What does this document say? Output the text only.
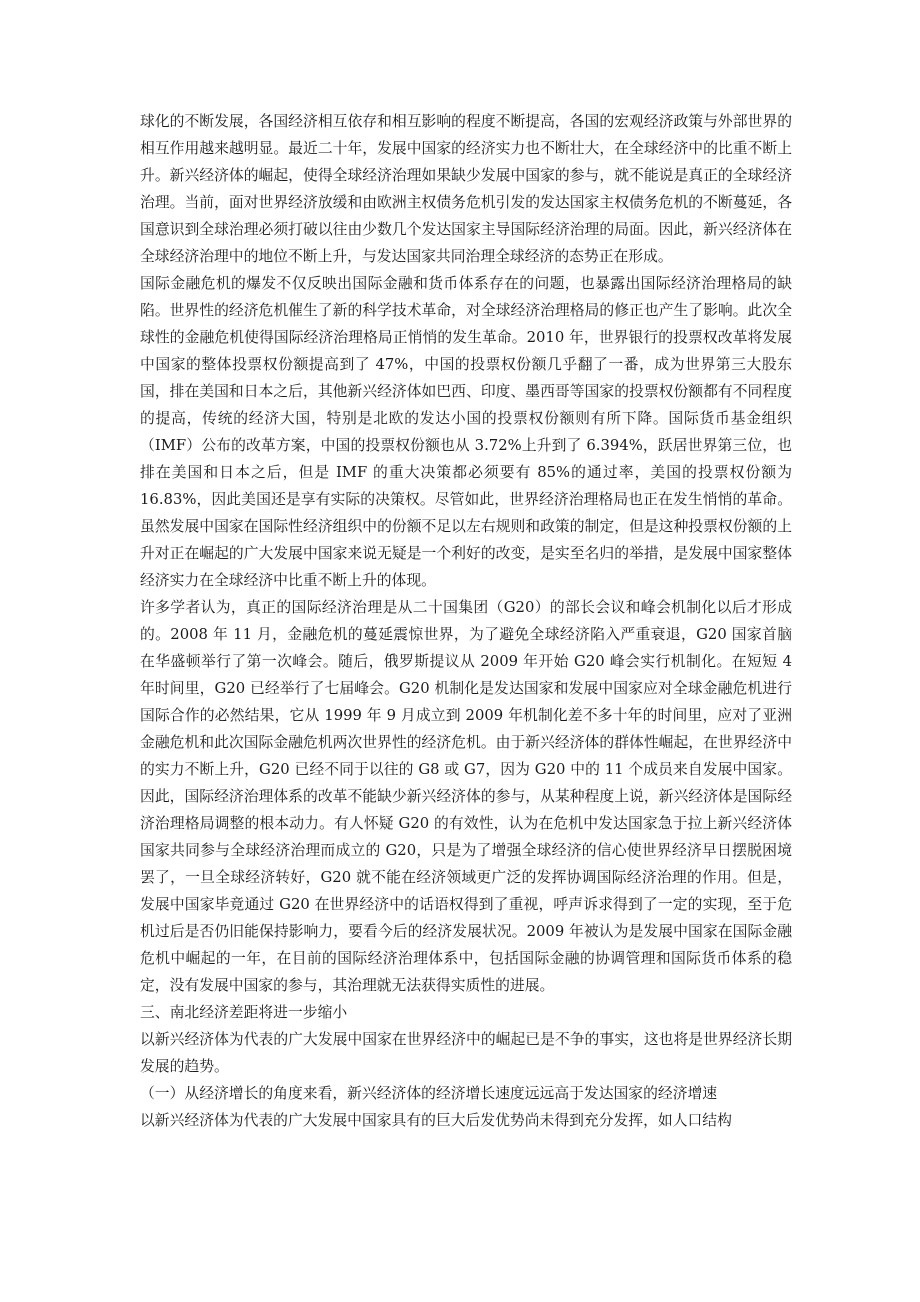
球化的不断发展，各国经济相互依存和相互影响的程度不断提高，各国的宏观经济政策与外部世界的相互作用越来越明显。最近二十年，发展中国家的经济实力也不断壮大，在全球经济中的比重不断上升。新兴经济体的崛起，使得全球经济治理如果缺少发展中国家的参与，就不能说是真正的全球经济治理。当前，面对世界经济放缓和由欧洲主权债务危机引发的发达国家主权债务危机的不断蔓延，各国意识到全球治理必须打破以往由少数几个发达国家主导国际经济治理的局面。因此，新兴经济体在全球经济治理中的地位不断上升，与发达国家共同治理全球经济的态势正在形成。

国际金融危机的爆发不仅反映出国际金融和货币体系存在的问题，也暴露出国际经济治理格局的缺陷。世界性的经济危机催生了新的科学技术革命，对全球经济治理格局的修正也产生了影响。此次全球性的金融危机使得国际经济治理格局正悄悄的发生革命。2010 年，世界银行的投票权改革将发展中国家的整体投票权份额提高到了 47%，中国的投票权份额几乎翻了一番，成为世界第三大股东国，排在美国和日本之后，其他新兴经济体如巴西、印度、墨西哥等国家的投票权份额都有不同程度的提高，传统的经济大国，特别是北欧的发达小国的投票权份额则有所下降。国际货币基金组织（IMF）公布的改革方案，中国的投票权份额也从 3.72%上升到了 6.394%，跃居世界第三位，也排在美国和日本之后，但是 IMF 的重大决策都必须要有 85%的通过率，美国的投票权份额为 16.83%，因此美国还是享有实际的决策权。尽管如此，世界经济治理格局也正在发生悄悄的革命。虽然发展中国家在国际性经济组织中的份额不足以左右规则和政策的制定，但是这种投票权份额的上升对正在崛起的广大发展中国家来说无疑是一个利好的改变，是实至名归的举措，是发展中国家整体经济实力在全球经济中比重不断上升的体现。

许多学者认为，真正的国际经济治理是从二十国集团（G20）的部长会议和峰会机制化以后才形成的。2008 年 11 月，金融危机的蔓延震惊世界，为了避免全球经济陷入严重衰退，G20 国家首脑在华盛顿举行了第一次峰会。随后，俄罗斯提议从 2009 年开始 G20 峰会实行机制化。在短短 4 年时间里，G20 已经举行了七届峰会。G20 机制化是发达国家和发展中国家应对全球金融危机进行国际合作的必然结果，它从 1999 年 9 月成立到 2009 年机制化差不多十年的时间里，应对了亚洲金融危机和此次国际金融危机两次世界性的经济危机。由于新兴经济体的群体性崛起，在世界经济中的实力不断上升，G20 已经不同于以往的 G8 或 G7，因为 G20 中的 11 个成员来自发展中国家。因此，国际经济治理体系的改革不能缺少新兴经济体的参与，从某种程度上说，新兴经济体是国际经济治理格局调整的根本动力。有人怀疑 G20 的有效性，认为在危机中发达国家急于拉上新兴经济体国家共同参与全球经济治理而成立的 G20，只是为了增强全球经济的信心使世界经济早日摆脱困境罢了，一旦全球经济转好，G20 就不能在经济领域更广泛的发挥协调国际经济治理的作用。但是，发展中国家毕竟通过 G20 在世界经济中的话语权得到了重视，呼声诉求得到了一定的实现，至于危机过后是否仍旧能保持影响力，要看今后的经济发展状况。2009 年被认为是发展中国家在国际金融危机中崛起的一年，在目前的国际经济治理体系中，包括国际金融的协调管理和国际货币体系的稳定，没有发展中国家的参与，其治理就无法获得实质性的进展。

三、南北经济差距将进一步缩小

以新兴经济体为代表的广大发展中国家在世界经济中的崛起已是不争的事实，这也将是世界经济长期发展的趋势。

（一）从经济增长的角度来看，新兴经济体的经济增长速度远远高于发达国家的经济增速

以新兴经济体为代表的广大发展中国家具有的巨大后发优势尚未得到充分发挥，如人口结构
